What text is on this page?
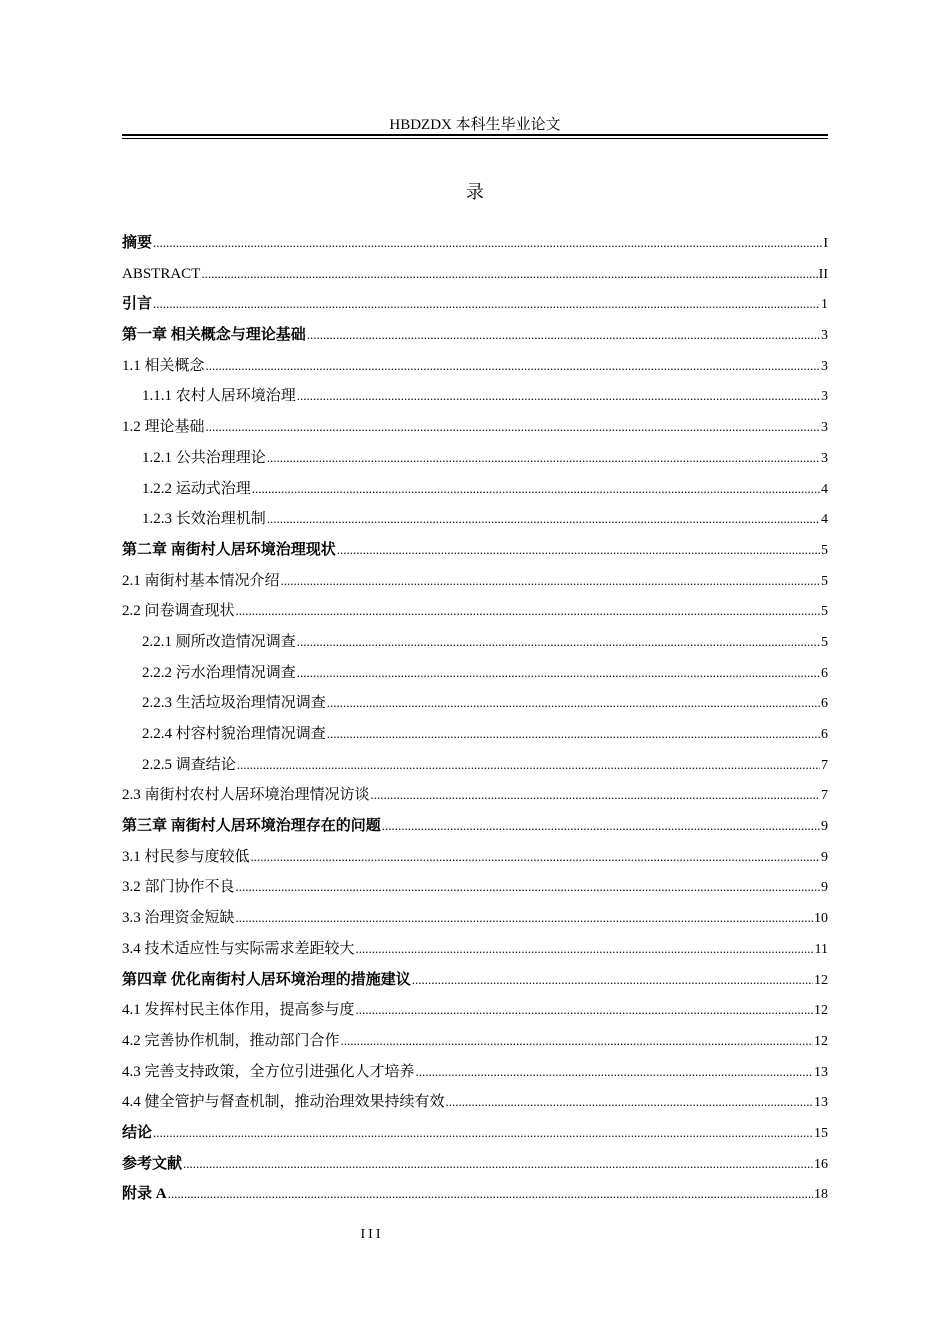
HBDZDX 本科生毕业论文
录
摘要 .....	I
ABSTRACT .....	II
引言 .....	1
第一章 相关概念与理论基础 .....	3
1.1 相关概念 .....	3
1.1.1 农村人居环境治理 .....	3
1.2 理论基础 .....	3
1.2.1 公共治理理论 .....	3
1.2.2 运动式治理 .....	4
1.2.3 长效治理机制 .....	4
第二章 南街村人居环境治理现状 .....	5
2.1 南街村基本情况介绍 .....	5
2.2 问卷调查现状 .....	5
2.2.1 厕所改造情况调查 .....	5
2.2.2 污水治理情况调查 .....	6
2.2.3 生活垃圾治理情况调查 .....	6
2.2.4 村容村貌治理情况调查 .....	6
2.2.5 调查结论 .....	7
2.3 南街村农村人居环境治理情况访谈 .....	7
第三章 南街村人居环境治理存在的问题 .....	9
3.1 村民参与度较低 .....	9
3.2 部门协作不良 .....	9
3.3 治理资金短缺 .....	10
3.4 技术适应性与实际需求差距较大 .....	11
第四章 优化南街村人居环境治理的措施建议 .....	12
4.1 发挥村民主体作用，提高参与度 .....	12
4.2 完善协作机制，推动部门合作 .....	12
4.3 完善支持政策，全方位引进强化人才培养 .....	13
4.4 健全管护与督查机制，推动治理效果持续有效 .....	13
结论 .....	15
参考文献 .....	16
附录 A .....	18
III
